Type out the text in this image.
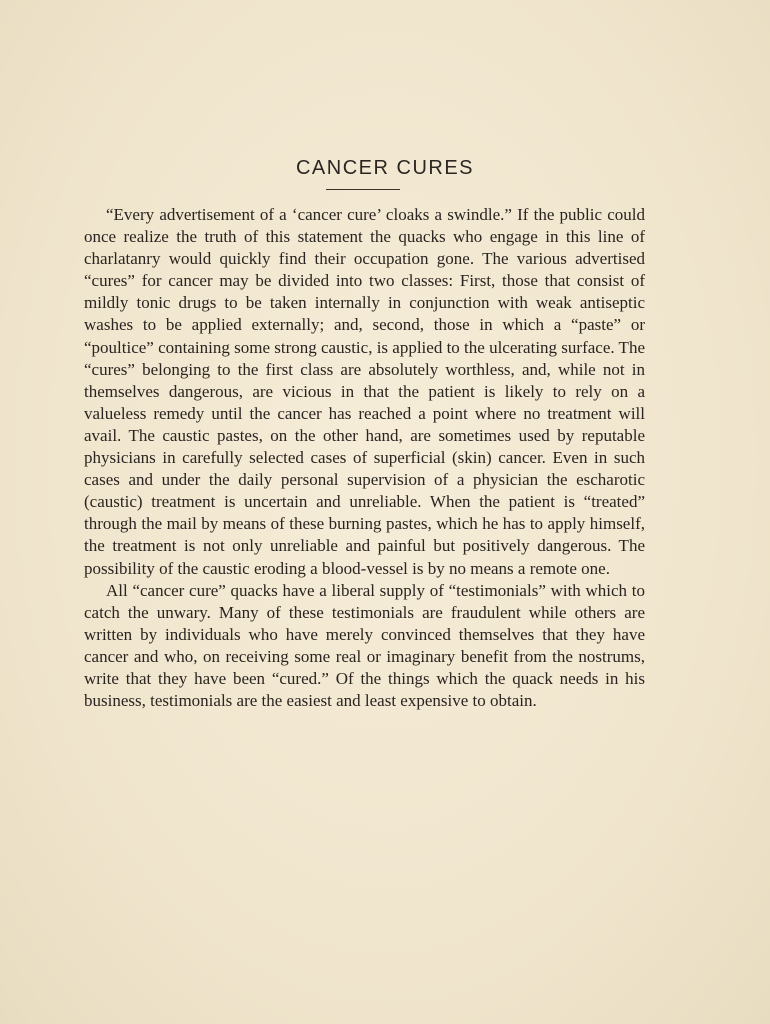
CANCER CURES

“Every advertisement of a ‘cancer cure’ cloaks a swindle.” If the public could once realize the truth of this statement the quacks who engage in this line of charlatanry would quickly find their occupation gone. The various advertised “cures” for cancer may be divided into two classes: First, those that consist of mildly tonic drugs to be taken internally in conjunction with weak antiseptic washes to be applied externally; and, second, those in which a “paste” or “poultice” containing some strong caustic, is applied to the ulcerating surface. The “cures” belonging to the first class are absolutely worthless, and, while not in themselves dangerous, are vicious in that the patient is likely to rely on a valueless remedy until the cancer has reached a point where no treatment will avail. The caustic pastes, on the other hand, are sometimes used by reputable physicians in carefully selected cases of superficial (skin) cancer. Even in such cases and under the daily personal supervision of a physician the escharotic (caustic) treatment is uncertain and unreliable. When the patient is “treated” through the mail by means of these burning pastes, which he has to apply himself, the treatment is not only unreliable and painful but positively dangerous. The possibility of the caustic eroding a blood-vessel is by no means a remote one.

All “cancer cure” quacks have a liberal supply of “testimonials” with which to catch the unwary. Many of these testimonials are fraudulent while others are written by individuals who have merely convinced themselves that they have cancer and who, on receiving some real or imaginary benefit from the nostrums, write that they have been “cured.” Of the things which the quack needs in his business, testimonials are the easiest and least expensive to obtain.
